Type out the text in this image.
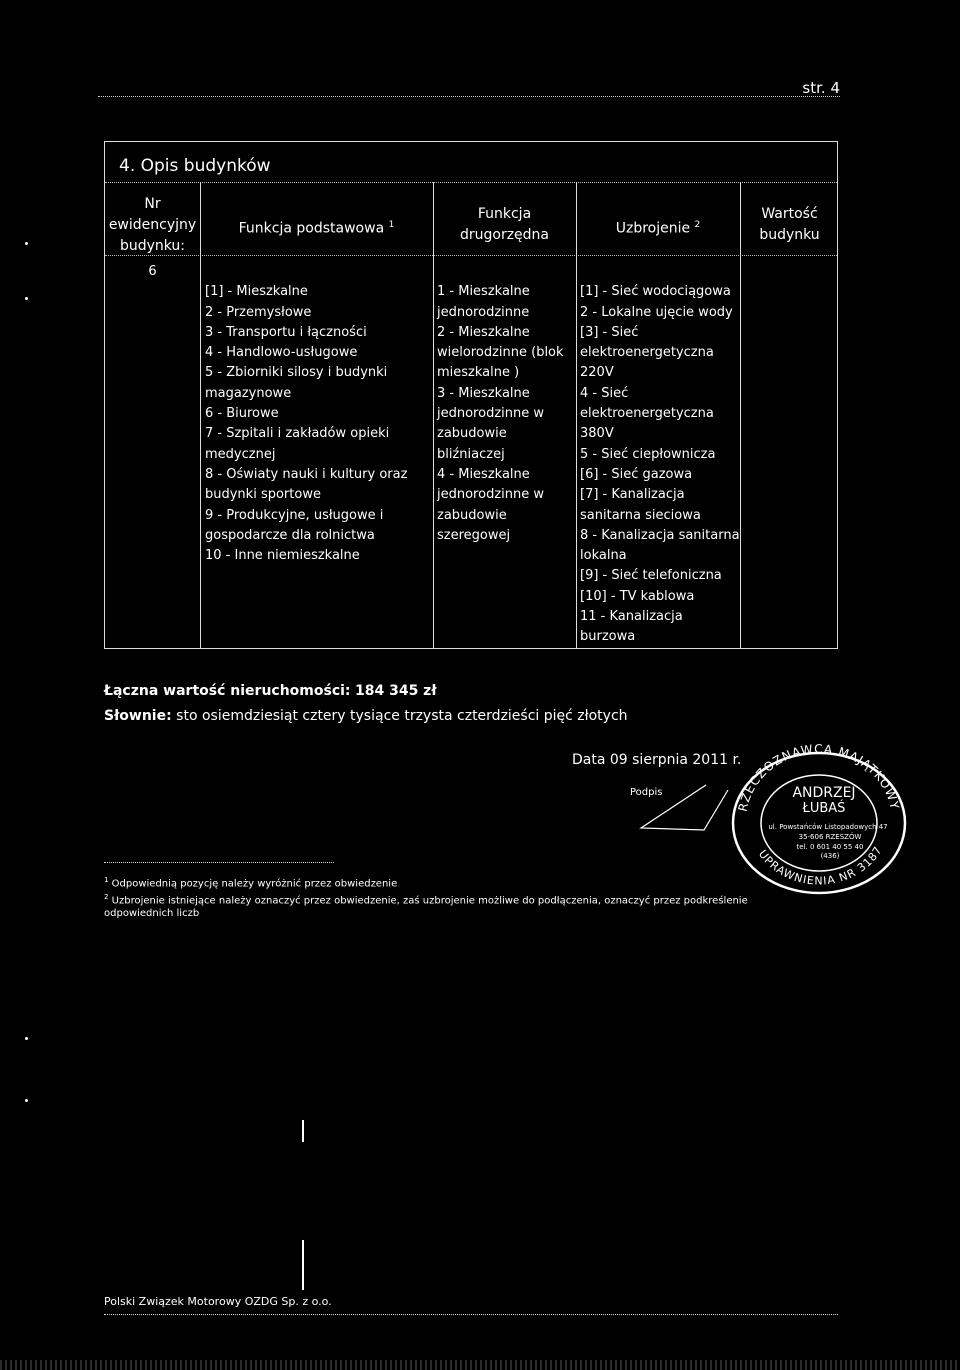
str. 4
4. Opis budynków
Nr
ewidencyjny
budynku:
Funkcja podstawowa $^1$
Funkcja
drugorzędna	Uzbrojenie $^2$
Wartość
budynku
6

[1] - Mieszkalne
2 - Przemysłowe
3 - Transportu i łączności
4 - Handlowo-usługowe
5 - Zbiorniki silosy i budynki
magazynowe
6 - Biurowe
7 - Szpitali i zakładów opieki
medycznej
8 - Oświaty nauki i kultury oraz
budynki sportowe
9 - Produkcyjne, usługowe i
gospodarcze dla rolnictwa
10 - Inne niemieszkalne

1 - Mieszkalne
jednorodzinne
2 - Mieszkalne
wielorodzinne (blok
mieszkalne )
3 - Mieszkalne
jednorodzinne w
zabudowie
bliźniaczej
4 - Mieszkalne
jednorodzinne w
zabudowie
szeregowej

[1] - Sieć wodociągowa
2 - Lokalne ujęcie wody
[3] - Sieć
elektroenergetyczna
220V
4 - Sieć
elektroenergetyczna
380V
5 - Sieć ciepłownicza
[6] - Sieć gazowa
[7] - Kanalizacja
sanitarna sieciowa
8 - Kanalizacja sanitarna
lokalna
[9] - Sieć telefoniczna
[10] - TV kablowa
11 - Kanalizacja
burzowa

Łączna wartość nieruchomości: 184 345 zł
Słownie: sto osiemdziesiąt cztery tysiące trzysta czterdzieści pięć złotych
Data 09 sierpnia 2011 r.
Podpis
RZECZOZNAWCA MAJĄTKOWY
UPRAWNIENIA NR 3187
ANDRZEJ
ŁUBAŚ
ul. Powstańców Listopadowych 47
35-606 RZESZÓW
tel. 0 601 40 55 40
(436)
$^1$ Odpowiednią pozycję należy wyróżnić przez obwiedzenie
$^2$ Uzbrojenie istniejące należy oznaczyć przez obwiedzenie, zaś uzbrojenie możliwe do podłączenia, oznaczyć przez podkreślenie odpowiednich liczb
Polski Związek Motorowy OZDG Sp. z o.o.
